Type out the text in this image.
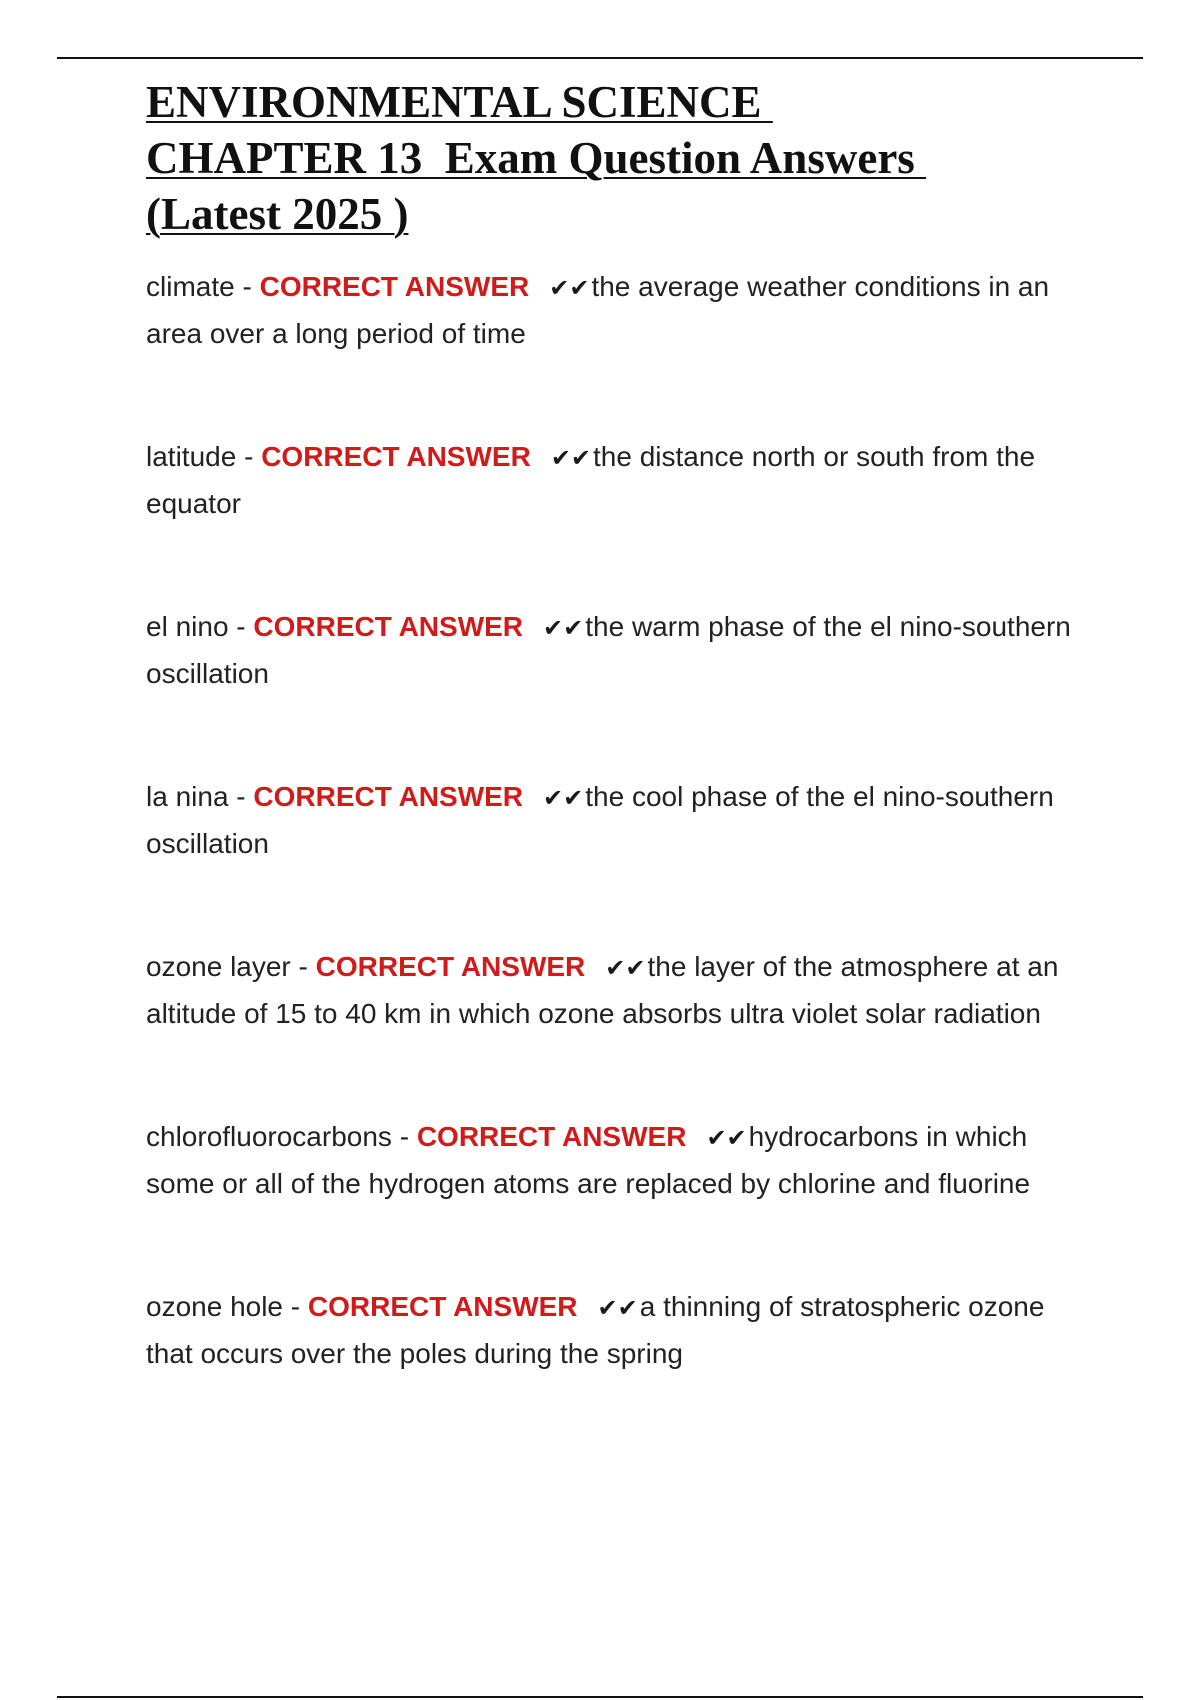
ENVIRONMENTAL SCIENCE
CHAPTER 13  Exam Question Answers
(Latest 2025 )

climate - CORRECT ANSWER ✔✔the average weather conditions in an area over a long period of time

latitude - CORRECT ANSWER ✔✔the distance north or south from the equator

el nino - CORRECT ANSWER ✔✔the warm phase of the el nino-southern oscillation

la nina - CORRECT ANSWER ✔✔the cool phase of the el nino-southern oscillation

ozone layer - CORRECT ANSWER ✔✔the layer of the atmosphere at an altitude of 15 to 40 km in which ozone absorbs ultra violet solar radiation

chlorofluorocarbons - CORRECT ANSWER ✔✔hydrocarbons in which some or all of the hydrogen atoms are replaced by chlorine and fluorine

ozone hole - CORRECT ANSWER ✔✔a thinning of stratospheric ozone that occurs over the poles during the spring
